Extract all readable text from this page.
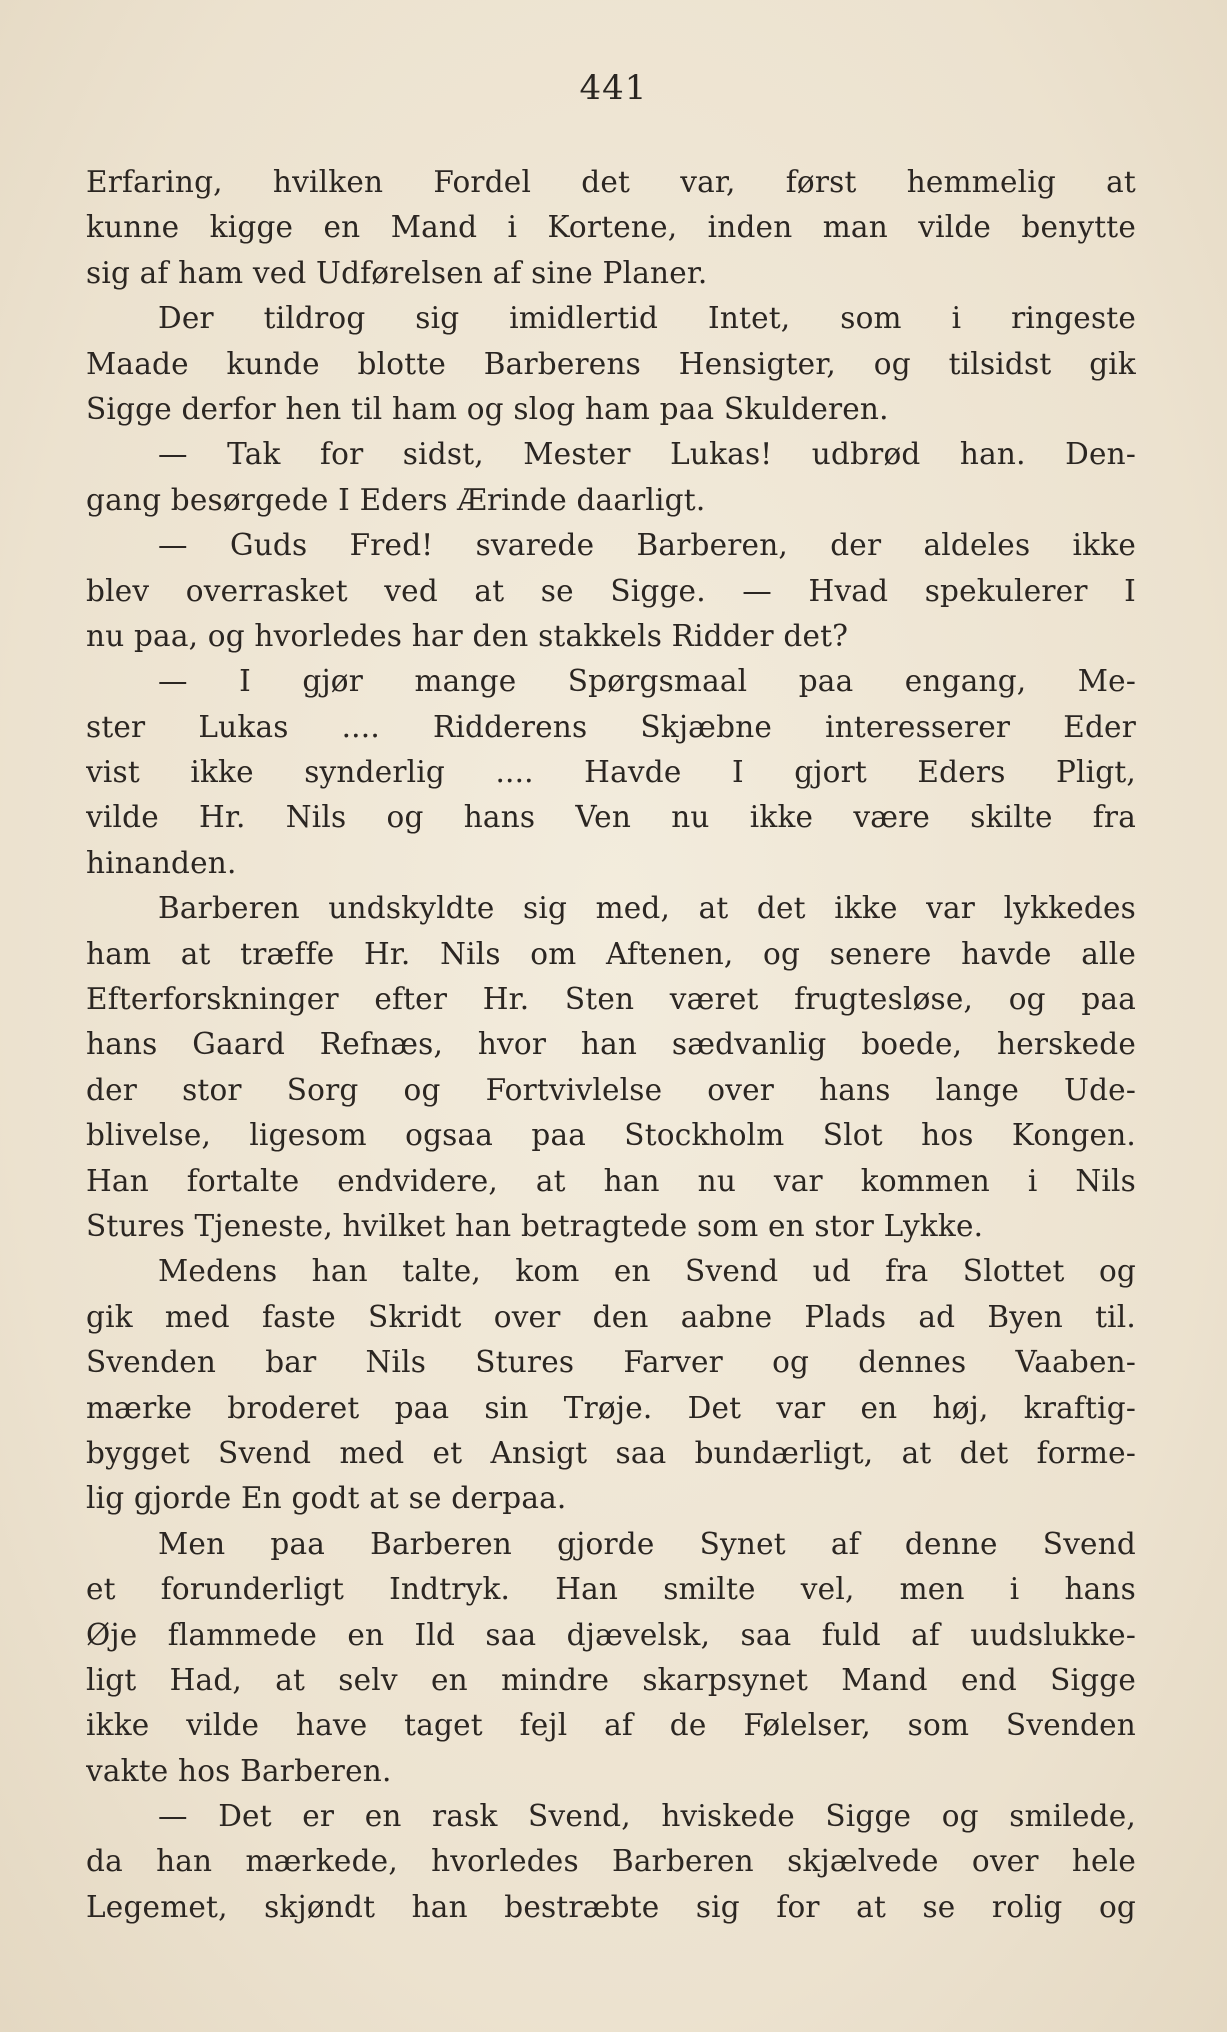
441
Erfaring, hvilken Fordel det var, først hemmelig at
kunne kigge en Mand i Kortene, inden man vilde benytte
sig af ham ved Udførelsen af sine Planer.
Der tildrog sig imidlertid Intet, som i ringeste
Maade kunde blotte Barberens Hensigter, og tilsidst gik
Sigge derfor hen til ham og slog ham paa Skulderen.
— Tak for sidst, Mester Lukas! udbrød han. Den-
gang besørgede I Eders Ærinde daarligt.
— Guds Fred! svarede Barberen, der aldeles ikke
blev overrasket ved at se Sigge. — Hvad spekulerer I
nu paa, og hvorledes har den stakkels Ridder det?
— I gjør mange Spørgsmaal paa engang, Me-
ster Lukas .... Ridderens Skjæbne interesserer Eder
vist ikke synderlig .... Havde I gjort Eders Pligt,
vilde Hr. Nils og hans Ven nu ikke være skilte fra
hinanden.
Barberen undskyldte sig med, at det ikke var lykkedes
ham at træffe Hr. Nils om Aftenen, og senere havde alle
Efterforskninger efter Hr. Sten været frugtesløse, og paa
hans Gaard Refnæs, hvor han sædvanlig boede, herskede
der stor Sorg og Fortvivlelse over hans lange Ude-
blivelse, ligesom ogsaa paa Stockholm Slot hos Kongen.
Han fortalte endvidere, at han nu var kommen i Nils
Stures Tjeneste, hvilket han betragtede som en stor Lykke.
Medens han talte, kom en Svend ud fra Slottet og
gik med faste Skridt over den aabne Plads ad Byen til.
Svenden bar Nils Stures Farver og dennes Vaaben-
mærke broderet paa sin Trøje. Det var en høj, kraftig-
bygget Svend med et Ansigt saa bundærligt, at det forme-
lig gjorde En godt at se derpaa.
Men paa Barberen gjorde Synet af denne Svend
et forunderligt Indtryk. Han smilte vel, men i hans
Øje flammede en Ild saa djævelsk, saa fuld af uudslukke-
ligt Had, at selv en mindre skarpsynet Mand end Sigge
ikke vilde have taget fejl af de Følelser, som Svenden
vakte hos Barberen.
— Det er en rask Svend, hviskede Sigge og smilede,
da han mærkede, hvorledes Barberen skjælvede over hele
Legemet, skjøndt han bestræbte sig for at se rolig og
